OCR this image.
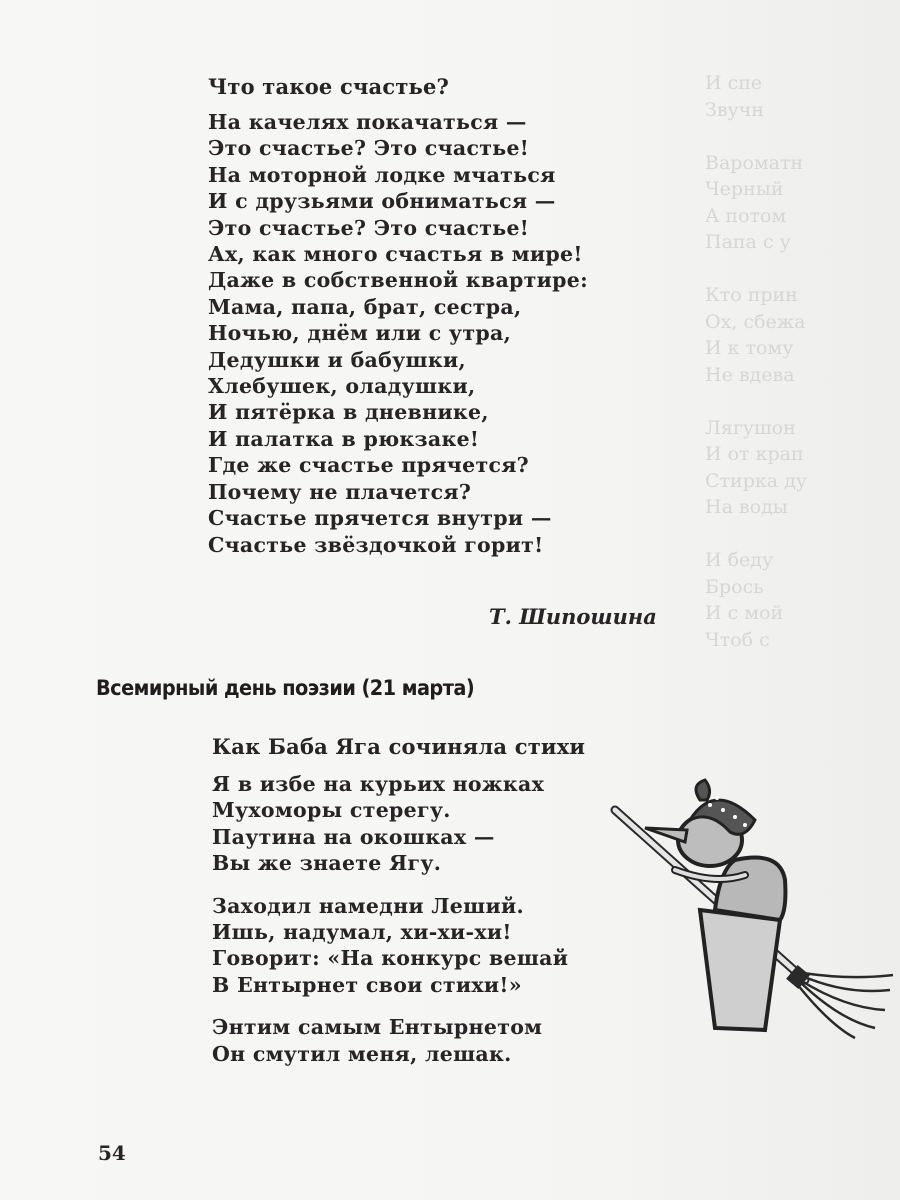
И спе
Звучн

Вароматн
Черный
А потом
Папа с у

Кто прин
Ох, сбежа
И к тому
Не вдева

Лягушон
И от крап
Стирка ду
На воды

И беду
Брось
И с мой
Чтоб с

Что такое счастье?
На качелях покачаться —
Это счастье? Это счастье!
На моторной лодке мчаться
И с друзьями обниматься —
Это счастье? Это счастье!
Ах, как много счастья в мире!
Даже в собственной квартире:
Мама, папа, брат, сестра,
Ночью, днём или с утра,
Дедушки и бабушки,
Хлебушек, оладушки,
И пятёрка в дневнике,
И палатка в рюкзаке!
Где же счастье прячется?
Почему не плачется?
Счастье прячется внутри —
Счастье звёздочкой горит!
Т. Шипошина
Всемирный день поэзии (21 марта)
Как Баба Яга сочиняла стихи
Я в избе на курьих ножках
Мухоморы стерегу.
Паутина на окошках —
Вы же знаете Ягу.
Заходил намедни Леший.
Ишь, надумал, хи-хи-хи!
Говорит: «На конкурс вешай
В Ентырнет свои стихи!»
Энтим самым Ентырнетом
Он смутил меня, лешак.
54
